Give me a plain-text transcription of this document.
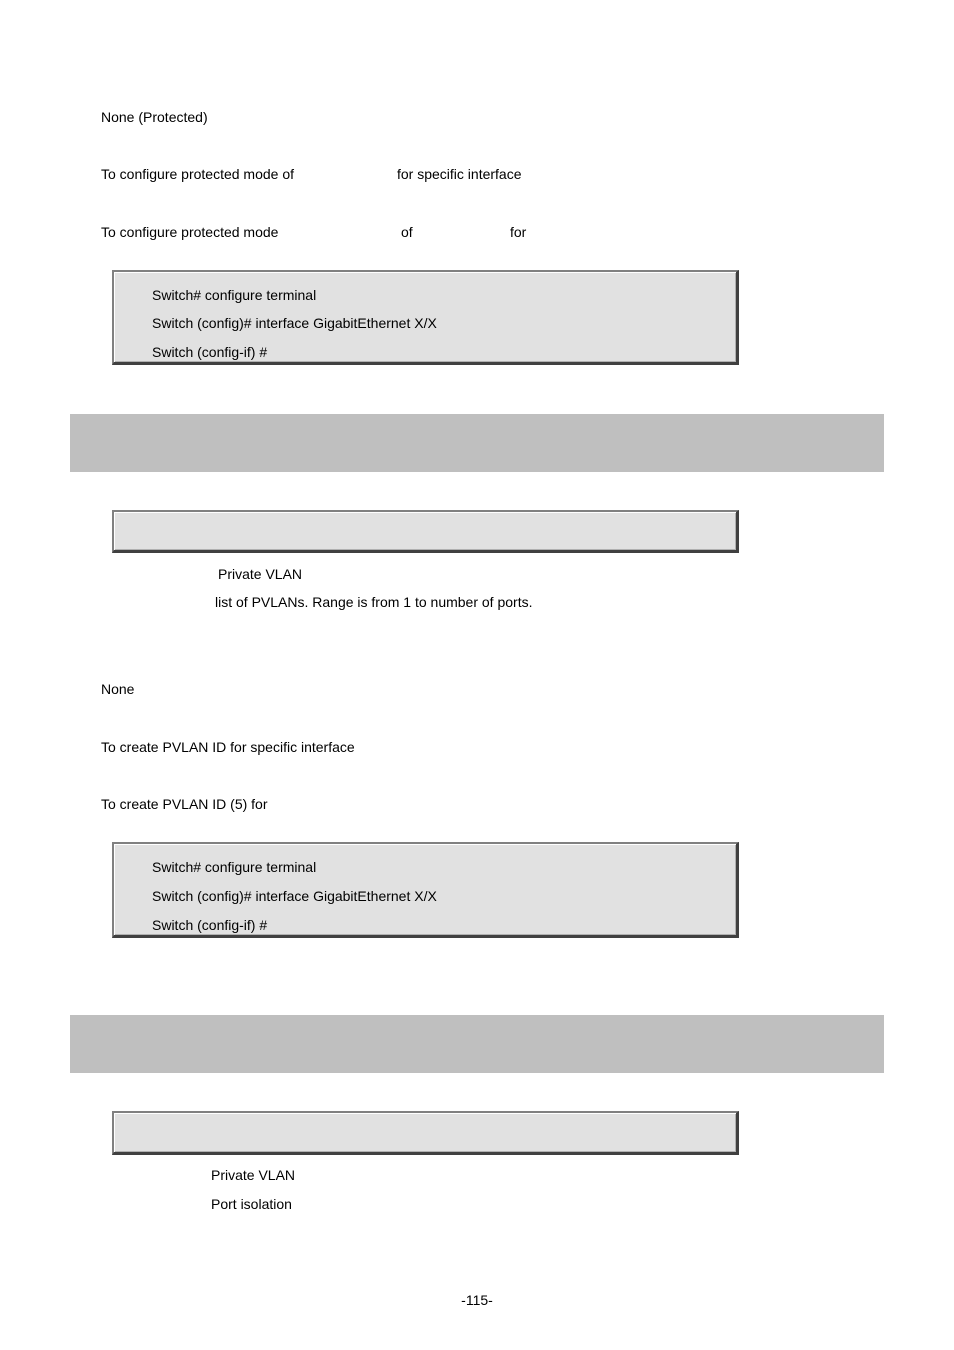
None (Protected)
To configure protected mode of	for specific interface
To configure protected mode	of	for
Switch# configure terminal
Switch (config)# interface GigabitEthernet X/X
Switch (config-if) #
Private VLAN
list of PVLANs. Range is from 1 to number of ports.
None
To create PVLAN ID for specific interface
To create PVLAN ID (5) for
Switch# configure terminal
Switch (config)# interface GigabitEthernet X/X
Switch (config-if) #
Private VLAN
Port isolation
-115-
